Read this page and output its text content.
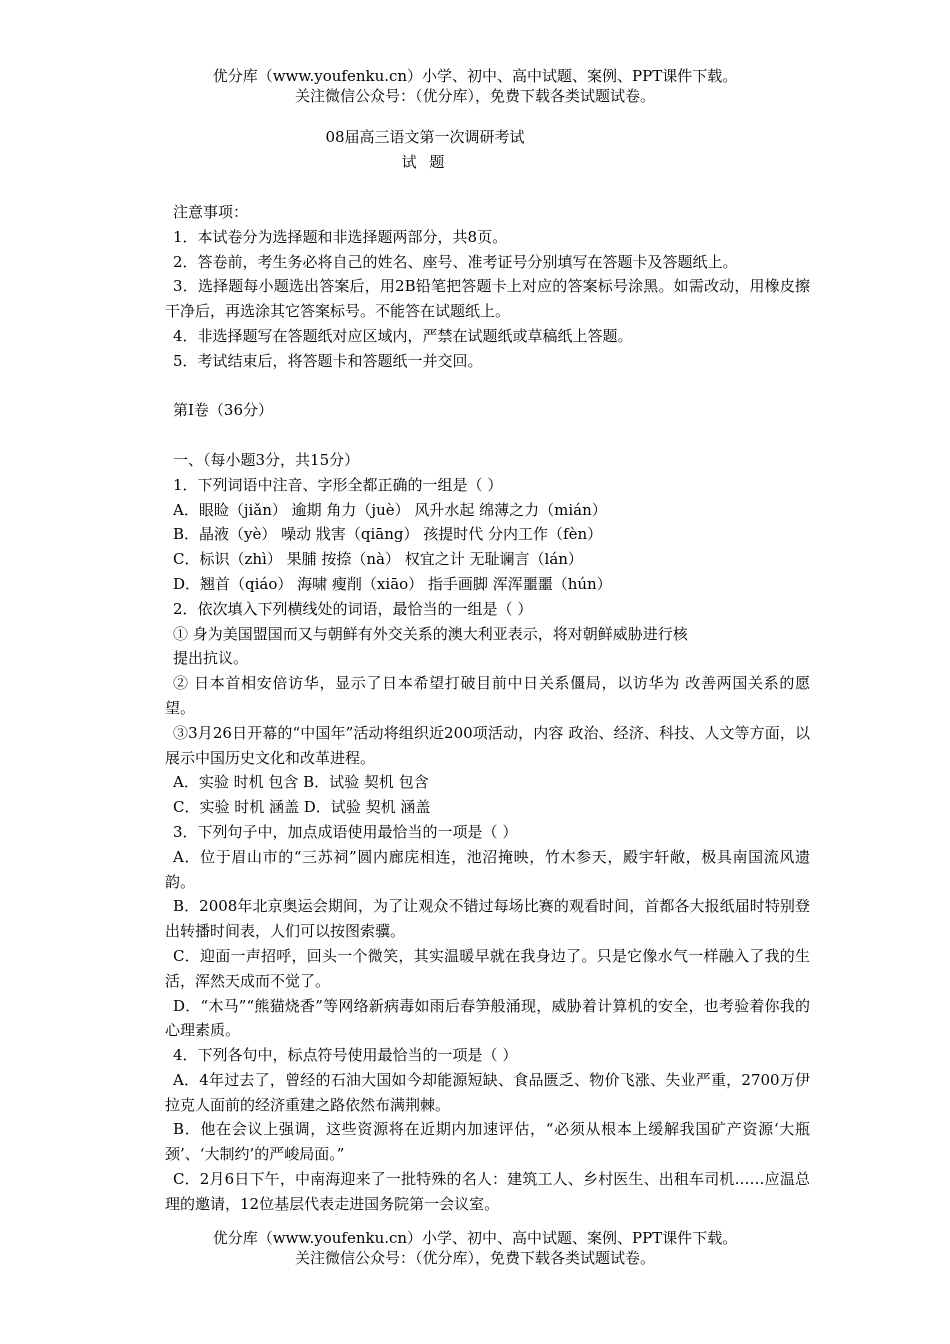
优分库（www.youfenku.cn）小学、初中、高中试题、案例、PPT课件下载。
关注微信公众号：（优分库），免费下载各类试题试卷。
08届高三语文第一次调研考试
试 题
注意事项：
1．本试卷分为选择题和非选择题两部分，共8页。
2．答卷前，考生务必将自己的姓名、座号、准考证号分别填写在答题卡及答题纸上。
3．选择题每小题选出答案后，用2B铅笔把答题卡上对应的答案标号涂黑。如需改动，用橡皮擦干净后，再选涂其它答案标号。不能答在试题纸上。
4．非选择题写在答题纸对应区域内，严禁在试题纸或草稿纸上答题。
5．考试结束后，将答题卡和答题纸一并交回。
第Ⅰ卷（36分）
一、（每小题3分，共15分）
1．下列词语中注音、字形全都正确的一组是（ ）
A．眼睑（jiǎn） 逾期 角力（juè） 风升水起 绵薄之力（mián）
B．晶液（yè） 噪动 戕害（qiāng） 孩提时代 分内工作（fèn）
C．标识（zhì） 果脯 按捺（nà） 权宜之计 无耻谰言（lán）
D．翘首（qiáo） 海啸 瘦削（xiāo） 指手画脚 浑浑噩噩（hún）
2．依次填入下列横线处的词语，最恰当的一组是（ ）
① 身为美国盟国而又与朝鲜有外交关系的澳大利亚表示，将对朝鲜威胁进行核
提出抗议。
② 日本首相安倍访华，显示了日本希望打破目前中日关系僵局，以访华为 改善两国关系的愿望。
③3月26日开幕的“中国年”活动将组织近200项活动，内容 政治、经济、科技、人文等方面，以展示中国历史文化和改革进程。
A．实验 时机 包含 B．试验 契机 包含
C．实验 时机 涵盖 D．试验 契机 涵盖
3．下列句子中，加点成语使用最恰当的一项是（ ）
A．位于眉山市的“三苏祠”圆内廊庑相连，池沼掩映，竹木参天，殿宇轩敞，极具南国流风遗韵。
B．2008年北京奥运会期间，为了让观众不错过每场比赛的观看时间，首都各大报纸届时特别登出转播时间表，人们可以按图索骥。
C．迎面一声招呼，回头一个微笑，其实温暖早就在我身边了。只是它像水气一样融入了我的生活，浑然天成而不觉了。
D．“木马”“熊猫烧香”等网络新病毒如雨后春笋般涌现，威胁着计算机的安全，也考验着你我的心理素质。
4．下列各句中，标点符号使用最恰当的一项是（ ）
A．4年过去了，曾经的石油大国如今却能源短缺、食品匮乏、物价飞涨、失业严重，2700万伊拉克人面前的经济重建之路依然布满荆棘。
B．他在会议上强调，这些资源将在近期内加速评估，“必须从根本上缓解我国矿产资源‘大瓶颈’、‘大制约’的严峻局面。”
C．2月6日下午，中南海迎来了一批特殊的名人：建筑工人、乡村医生、出租车司机……应温总理的邀请，12位基层代表走进国务院第一会议室。
优分库（www.youfenku.cn）小学、初中、高中试题、案例、PPT课件下载。
关注微信公众号：（优分库），免费下载各类试题试卷。
